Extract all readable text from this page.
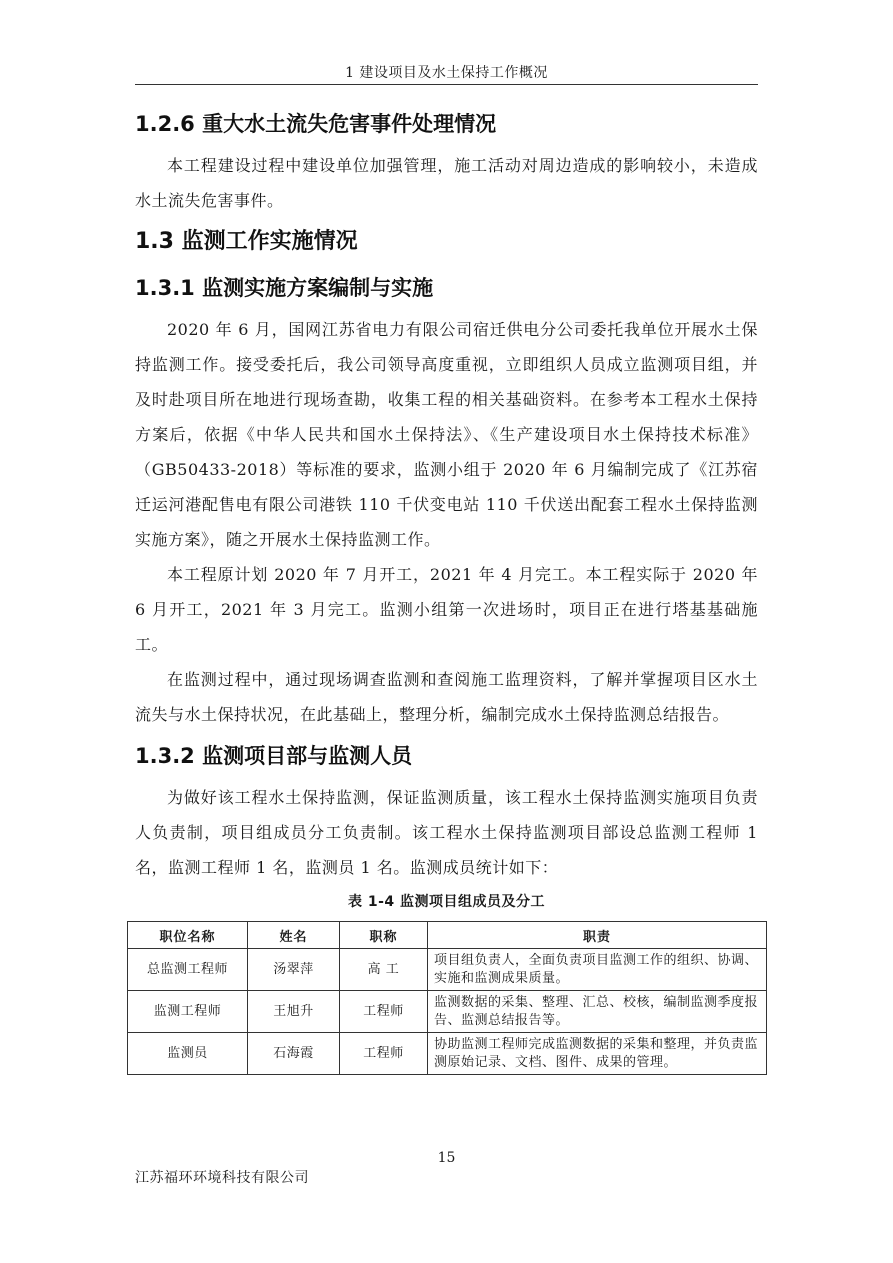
1 建设项目及水土保持工作概况
1.2.6 重大水土流失危害事件处理情况

本工程建设过程中建设单位加强管理，施工活动对周边造成的影响较小，未造成水土流失危害事件。

1.3 监测工作实施情况
1.3.1 监测实施方案编制与实施

2020 年 6 月，国网江苏省电力有限公司宿迁供电分公司委托我单位开展水土保持监测工作。接受委托后，我公司领导高度重视，立即组织人员成立监测项目组，并及时赴项目所在地进行现场查勘，收集工程的相关基础资料。在参考本工程水土保持方案后，依据《中华人民共和国水土保持法》、《生产建设项目水土保持技术标准》（GB50433-2018）等标准的要求，监测小组于 2020 年 6 月编制完成了《江苏宿迁运河港配售电有限公司港铁 110 千伏变电站 110 千伏送出配套工程水土保持监测实施方案》，随之开展水土保持监测工作。

本工程原计划 2020 年 7 月开工，2021 年 4 月完工。本工程实际于 2020 年 6 月开工，2021 年 3 月完工。监测小组第一次进场时，项目正在进行塔基基础施工。

在监测过程中，通过现场调查监测和查阅施工监理资料，了解并掌握项目区水土流失与水土保持状况，在此基础上，整理分析，编制完成水土保持监测总结报告。

1.3.2 监测项目部与监测人员

为做好该工程水土保持监测，保证监测质量，该工程水土保持监测实施项目负责人负责制，项目组成员分工负责制。该工程水土保持监测项目部设总监测工程师 1 名，监测工程师 1 名，监测员 1 名。监测成员统计如下：

表 1-4 监测项目组成员及分工
职位名称	姓名	职称	职责
总监测工程师	汤翠萍	高 工	项目组负责人，全面负责项目监测工作的组织、协调、实施和监测成果质量。
监测工程师	王旭升	工程师	监测数据的采集、整理、汇总、校核，编制监测季度报告、监测总结报告等。
监测员	石海霞	工程师	协助监测工程师完成监测数据的采集和整理，并负责监测原始记录、文档、图件、成果的管理。
15
江苏福环环境科技有限公司
